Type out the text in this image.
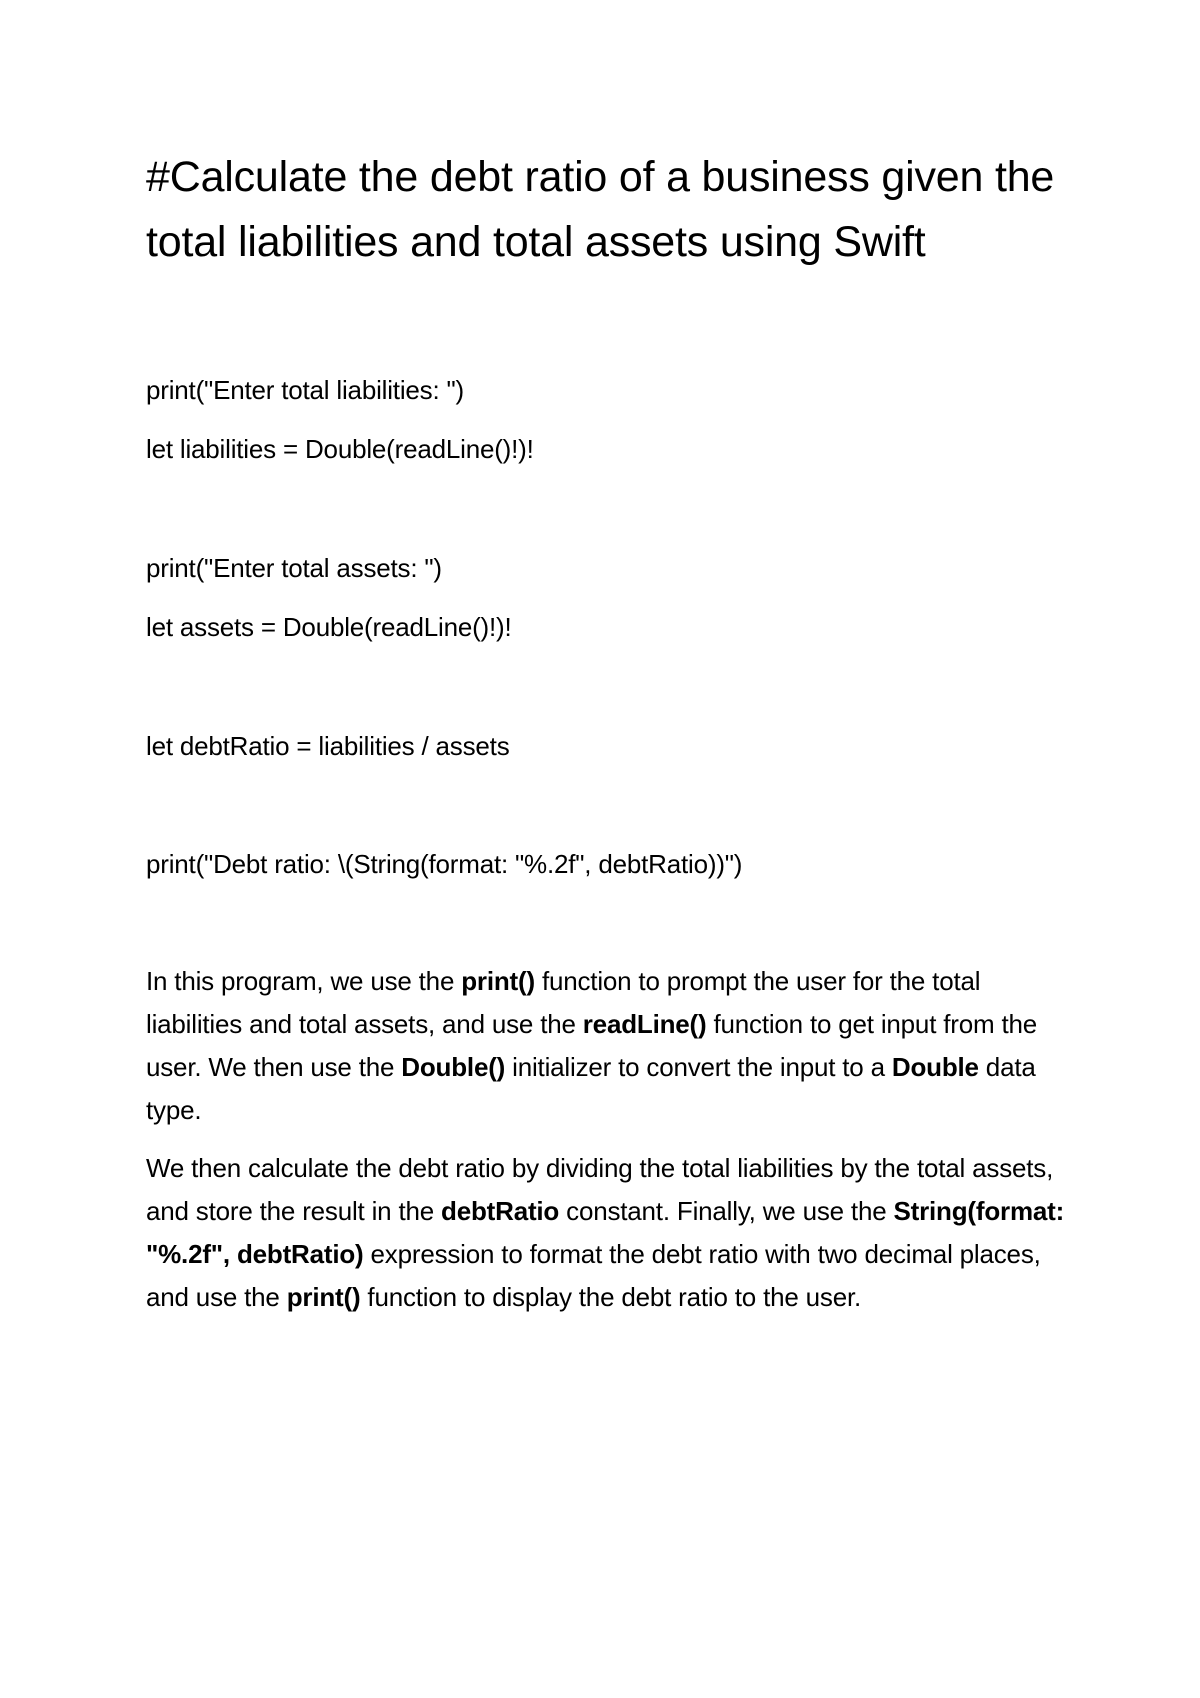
#Calculate the debt ratio of a business given the total liabilities and total assets using Swift

print("Enter total liabilities: ")

let liabilities = Double(readLine()!)!

print("Enter total assets: ")

let assets = Double(readLine()!)!

let debtRatio = liabilities / assets

print("Debt ratio: \(String(format: "%.2f", debtRatio))")

In this program, we use the print() function to prompt the user for the total liabilities and total assets, and use the readLine() function to get input from the user. We then use the Double() initializer to convert the input to a Double data type.

We then calculate the debt ratio by dividing the total liabilities by the total assets, and store the result in the debtRatio constant. Finally, we use the String(format: "%.2f", debtRatio) expression to format the debt ratio with two decimal places, and use the print() function to display the debt ratio to the user.
